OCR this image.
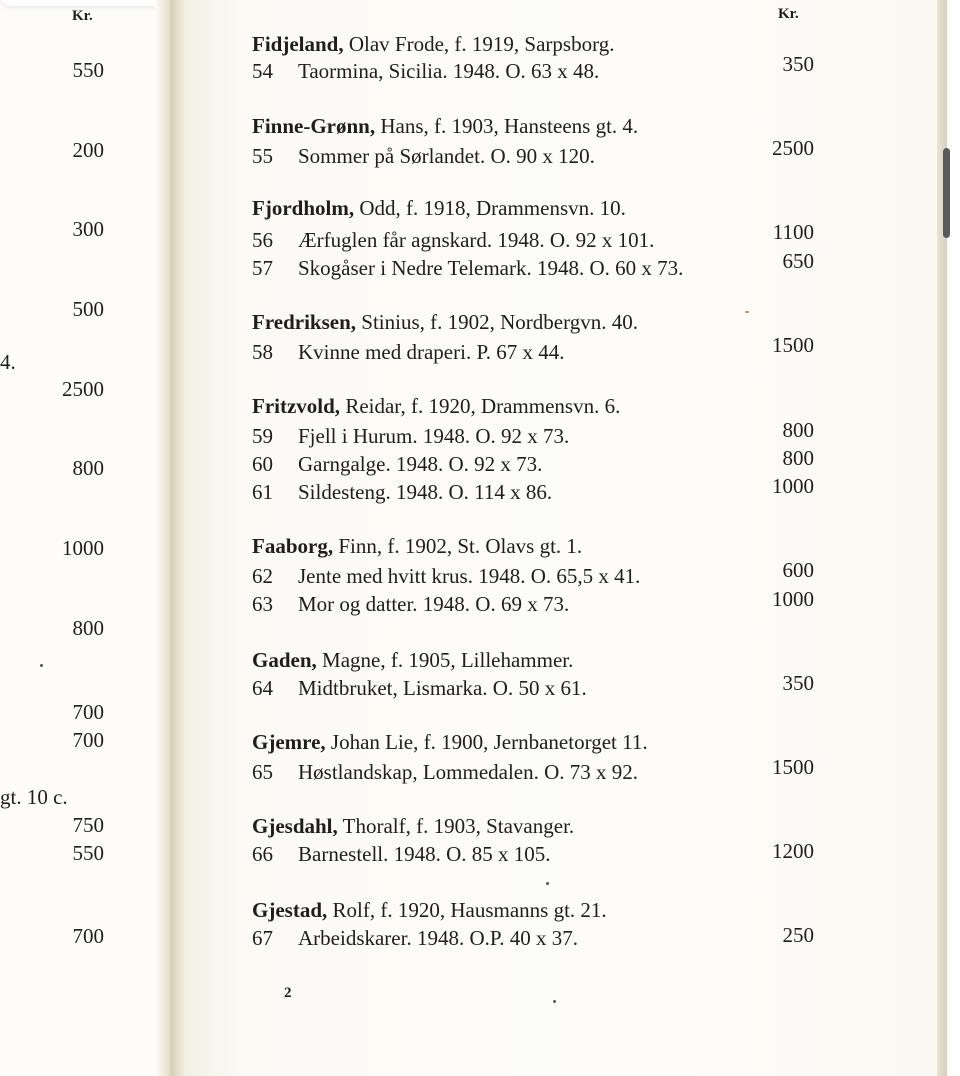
Kr.
550
200
300
500
4.
2500
800
1000
800
700
700
gt. 10 c.
750
550
700
Kr.
Fidjeland, Olav Frode, f. 1919, Sarpsborg.
54 Taormina, Sicilia. 1948. O. 63 x 48.	350
Finne-Grønn, Hans, f. 1903, Hansteens gt. 4.
55 Sommer på Sørlandet. O. 90 x 120.	2500
Fjordholm, Odd, f. 1918, Drammensvn. 10.
56 Ærfuglen får agnskard. 1948. O. 92 x 101.	1100
57 Skogåser i Nedre Telemark. 1948. O. 60 x 73.	650
Fredriksen, Stinius, f. 1902, Nordbergvn. 40.
58 Kvinne med draperi. P. 67 x 44.	1500
Fritzvold, Reidar, f. 1920, Drammensvn. 6.
59 Fjell i Hurum. 1948. O. 92 x 73.	800
60 Garngalge. 1948. O. 92 x 73.	800
61 Sildesteng. 1948. O. 114 x 86.	1000
Faaborg, Finn, f. 1902, St. Olavs gt. 1.
62 Jente med hvitt krus. 1948. O. 65,5 x 41.	600
63 Mor og datter. 1948. O. 69 x 73.	1000
Gaden, Magne, f. 1905, Lillehammer.
64 Midtbruket, Lismarka. O. 50 x 61.	350
Gjemre, Johan Lie, f. 1900, Jernbanetorget 11.
65 Høstlandskap, Lommedalen. O. 73 x 92.	1500
Gjesdahl, Thoralf, f. 1903, Stavanger.
66 Barnestell. 1948. O. 85 x 105.	1200
Gjestad, Rolf, f. 1920, Hausmanns gt. 21.
67 Arbeidskarer. 1948. O.P. 40 x 37.	250
2
